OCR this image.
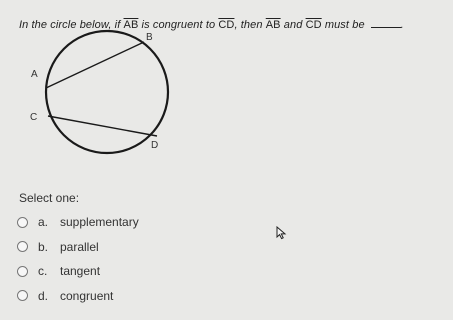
In the circle below, if $\overline{AB}$ is congruent to $\overline{CD}$, then $\overline{AB}$ and $\overline{CD}$ must be	.
B
A
C
D
Select one:
a. supplementary
b. parallel
c.	tangent
d. congruent
